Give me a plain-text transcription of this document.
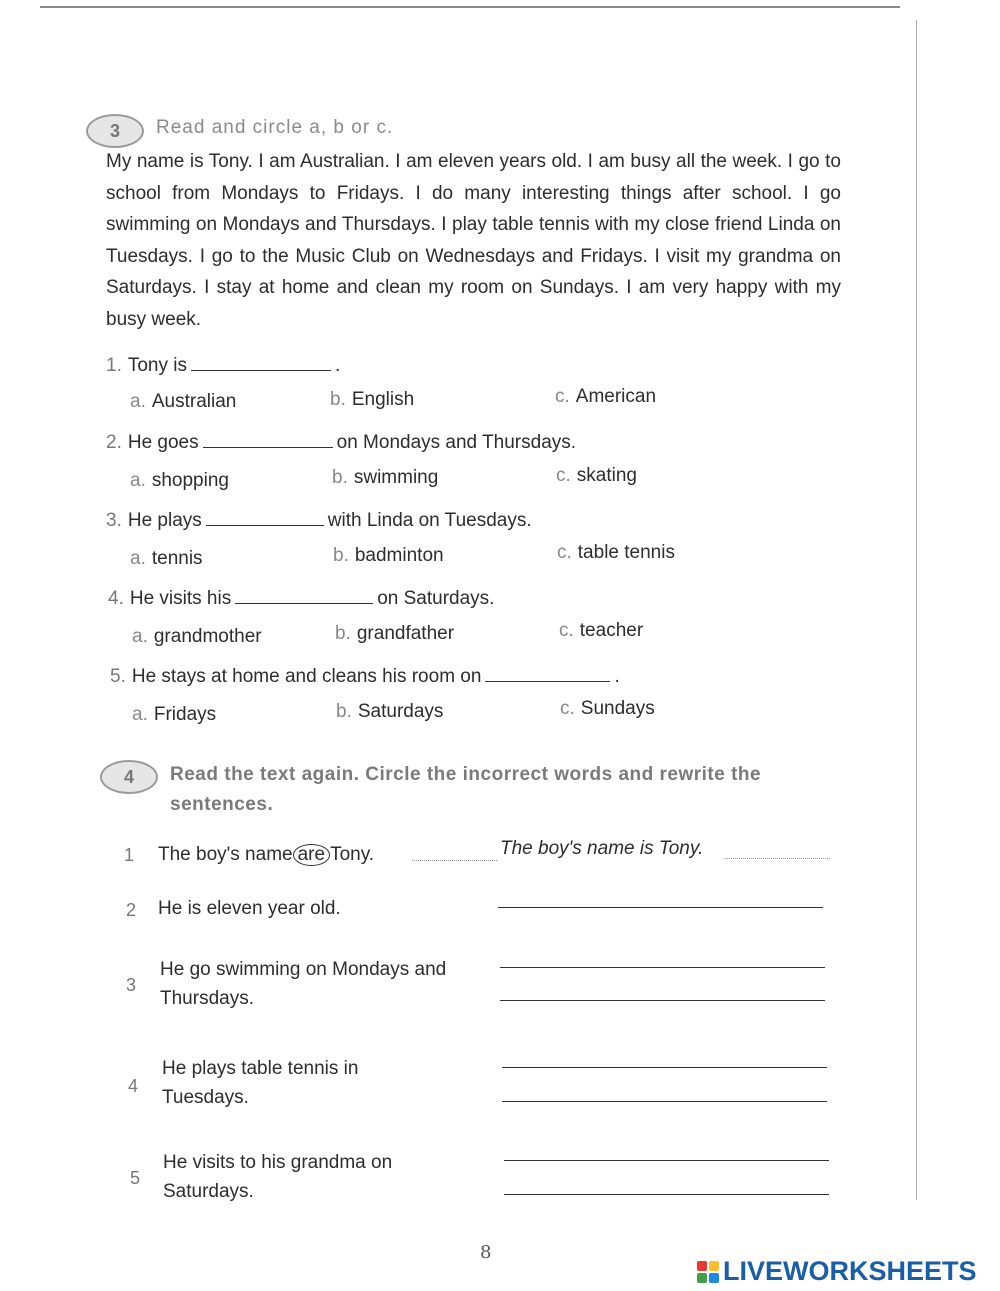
3	Read and circle a, b or c.
My name is Tony. I am Australian. I am eleven years old. I am busy all the week. I go to school from Mondays to Fridays. I do many interesting things after school. I go swimming on Mondays and Thursdays. I play table tennis with my close friend Linda on Tuesdays. I go to the Music Club on Wednesdays and Fridays. I visit my grandma on Saturdays. I stay at home and clean my room on Sundays. I am very happy with my busy week.
1. Tony is	.
a. Australian	b. English	c. American
2. He goes	on Mondays and Thursdays.
a. shopping	b. swimming	c. skating
3. He plays	with Linda on Tuesdays.
a. tennis	b. badminton	c. table tennis
4. He visits his	on Saturdays.
a. grandmother	b. grandfather	c. teacher
5. He stays at home and cleans his room on	.
a. Fridays	b. Saturdays	c. Sundays
4	Read the text again. Circle the incorrect words and rewrite the sentences.
1 The boy's name are Tony.	The boy's name is Tony.
2 He is eleven year old.
3
He go swimming on Mondays and Thursdays.
4
He plays table tennis in Tuesdays.
5
He visits to his grandma on Saturdays.
8
LIVEWORKSHEETS
